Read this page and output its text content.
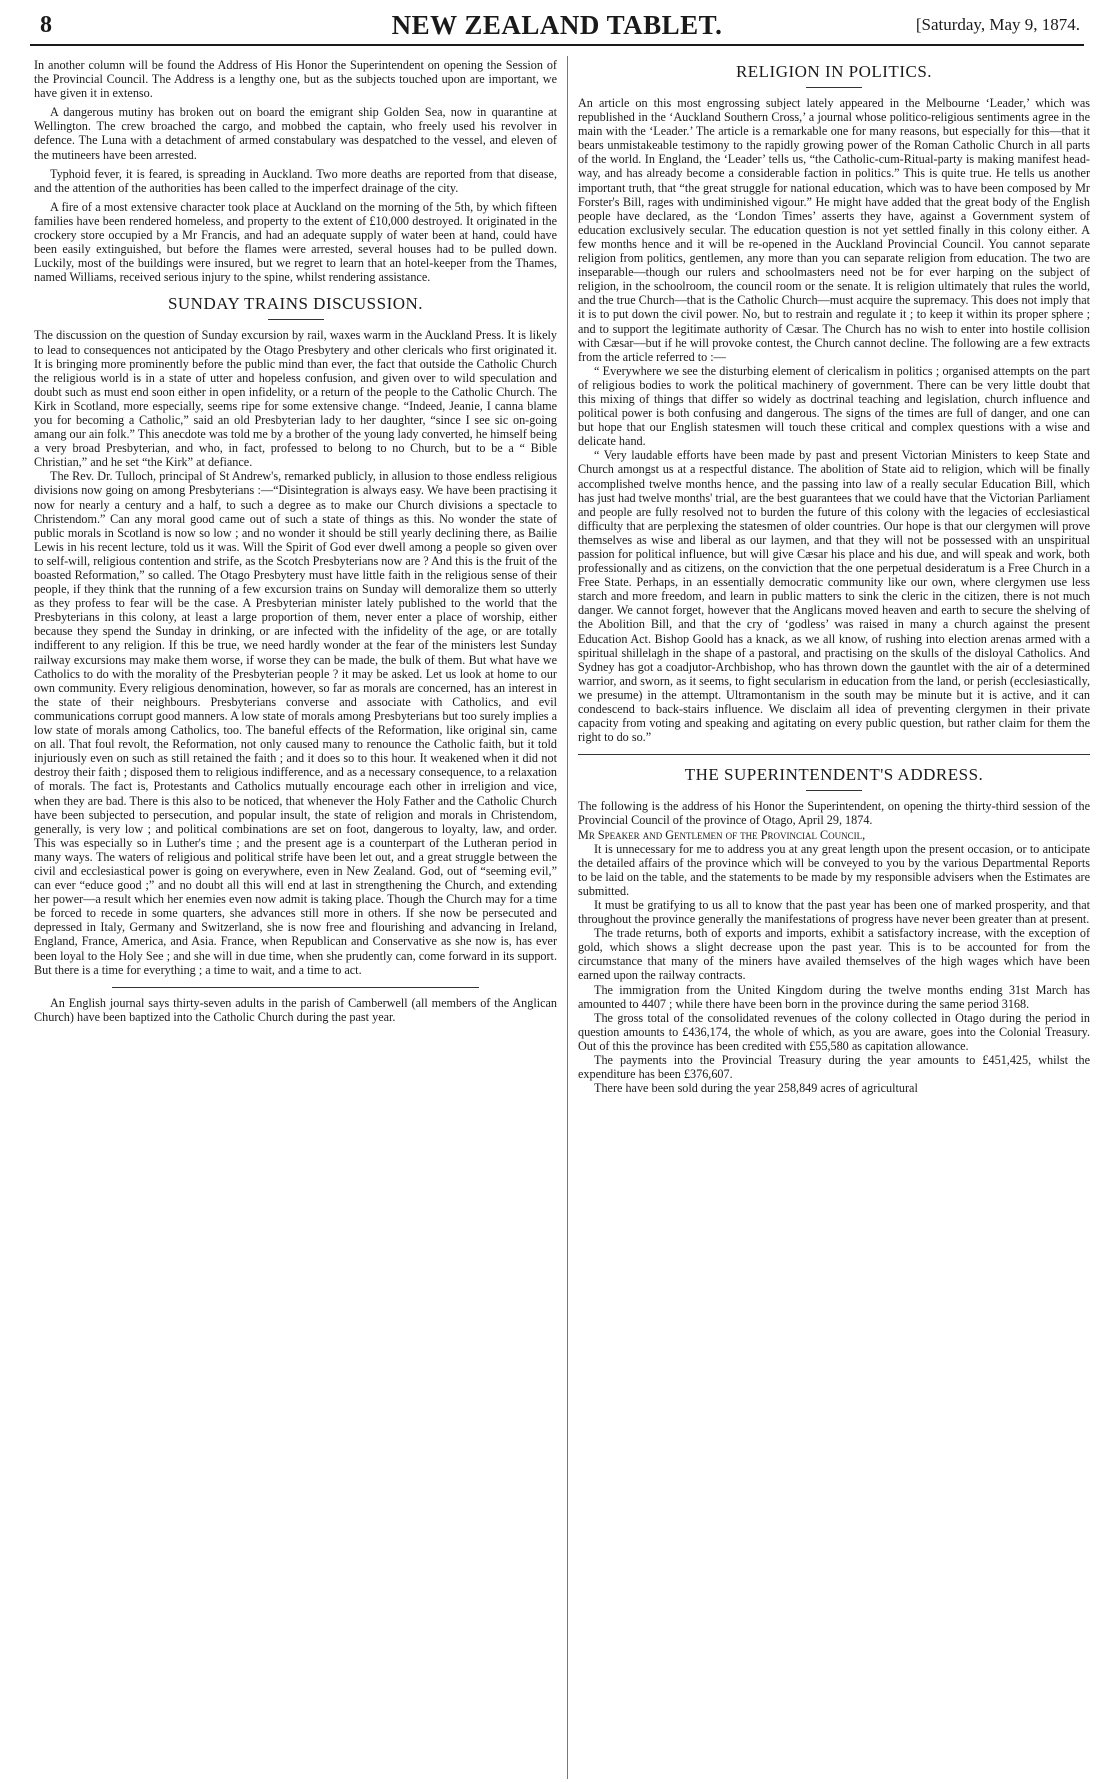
8	NEW ZEALAND TABLET.	[Saturday, May 9, 1874.

In another column will be found the Address of His Honor the Superintendent on opening the Session of the Provincial Council. The Address is a lengthy one, but as the subjects touched upon are important, we have given it in extenso.

A dangerous mutiny has broken out on board the emigrant ship Golden Sea, now in quarantine at Wellington. The crew broached the cargo, and mobbed the captain, who freely used his revolver in defence. The Luna with a detachment of armed constabulary was despatched to the vessel, and eleven of the mutineers have been arrested.

Typhoid fever, it is feared, is spreading in Auckland. Two more deaths are reported from that disease, and the attention of the authorities has been called to the imperfect drainage of the city.

A fire of a most extensive character took place at Auckland on the morning of the 5th, by which fifteen families have been rendered homeless, and property to the extent of £10,000 destroyed. It originated in the crockery store occupied by a Mr Francis, and had an adequate supply of water been at hand, could have been easily extinguished, but before the flames were arrested, several houses had to be pulled down. Luckily, most of the buildings were insured, but we regret to learn that an hotel-keeper from the Thames, named Williams, received serious injury to the spine, whilst rendering assistance.

SUNDAY TRAINS DISCUSSION.

The discussion on the question of Sunday excursion by rail, waxes warm in the Auckland Press. It is likely to lead to consequences not anticipated by the Otago Presbytery and other clericals who first originated it. It is bringing more prominently before the public mind than ever, the fact that outside the Catholic Church the religious world is in a state of utter and hopeless confusion, and given over to wild speculation and doubt such as must end soon either in open infidelity, or a return of the people to the Catholic Church. The Kirk in Scotland, more especially, seems ripe for some extensive change. “Indeed, Jeanie, I canna blame you for becoming a Catholic,” said an old Presbyterian lady to her daughter, “since I see sic on-going amang our ain folk.” This anecdote was told me by a brother of the young lady converted, he himself being a very broad Presbyterian, and who, in fact, professed to belong to no Church, but to be a “ Bible Christian,” and he set “the Kirk” at defiance.

The Rev. Dr. Tulloch, principal of St Andrew's, remarked publicly, in allusion to those endless religious divisions now going on among Presbyterians :—“Disintegration is always easy. We have been practising it now for nearly a century and a half, to such a degree as to make our Church divisions a spectacle to Christendom.” Can any moral good came out of such a state of things as this. No wonder the state of public morals in Scotland is now so low ; and no wonder it should be still yearly declining there, as Bailie Lewis in his recent lecture, told us it was. Will the Spirit of God ever dwell among a people so given over to self-will, religious contention and strife, as the Scotch Presbyterians now are ? And this is the fruit of the boasted Reformation,” so called. The Otago Presbytery must have little faith in the religious sense of their people, if they think that the running of a few excursion trains on Sunday will demoralize them so utterly as they profess to fear will be the case. A Presbyterian minister lately published to the world that the Presbyterians in this colony, at least a large proportion of them, never enter a place of worship, either because they spend the Sunday in drinking, or are infected with the infidelity of the age, or are totally indifferent to any religion. If this be true, we need hardly wonder at the fear of the ministers lest Sunday railway excursions may make them worse, if worse they can be made, the bulk of them. But what have we Catholics to do with the morality of the Presbyterian people ? it may be asked. Let us look at home to our own community. Every religious denomination, however, so far as morals are concerned, has an interest in the state of their neighbours. Presbyterians converse and associate with Catholics, and evil communications corrupt good manners. A low state of morals among Presbyterians but too surely implies a low state of morals among Catholics, too. The baneful effects of the Reformation, like original sin, came on all. That foul revolt, the Reformation, not only caused many to renounce the Catholic faith, but it told injuriously even on such as still retained the faith ; and it does so to this hour. It weakened when it did not destroy their faith ; disposed them to religious indifference, and as a necessary consequence, to a relaxation of morals. The fact is, Protestants and Catholics mutually encourage each other in irreligion and vice, when they are bad. There is this also to be noticed, that whenever the Holy Father and the Catholic Church have been subjected to persecution, and popular insult, the state of religion and morals in Christendom, generally, is very low ; and political combinations are set on foot, dangerous to loyalty, law, and order. This was especially so in Luther's time ; and the present age is a counterpart of the Lutheran period in many ways. The waters of religious and political strife have been let out, and a great struggle between the civil and ecclesiastical power is going on everywhere, even in New Zealand. God, out of “seeming evil,” can ever “educe good ;” and no doubt all this will end at last in strengthening the Church, and extending her power—a result which her enemies even now admit is taking place. Though the Church may for a time be forced to recede in some quarters, she advances still more in others. If she now be persecuted and depressed in Italy, Germany and Switzerland, she is now free and flourishing and advancing in Ireland, England, France, America, and Asia. France, when Republican and Conservative as she now is, has ever been loyal to the Holy See ; and she will in due time, when she prudently can, come forward in its support. But there is a time for everything ; a time to wait, and a time to act.

An English journal says thirty-seven adults in the parish of Camberwell (all members of the Anglican Church) have been baptized into the Catholic Church during the past year.

RELIGION IN POLITICS.

An article on this most engrossing subject lately appeared in the Melbourne ‘Leader,’ which was republished in the ‘Auckland Southern Cross,’ a journal whose politico-religious sentiments agree in the main with the ‘Leader.’ The article is a remarkable one for many reasons, but especially for this—that it bears unmistakeable testimony to the rapidly growing power of the Roman Catholic Church in all parts of the world. In England, the ‘Leader’ tells us, “the Catholic-cum-Ritual-party is making manifest head-way, and has already become a considerable faction in politics.” This is quite true. He tells us another important truth, that “the great struggle for national education, which was to have been composed by Mr Forster's Bill, rages with undiminished vigour.” He might have added that the great body of the English people have declared, as the ‘London Times’ asserts they have, against a Government system of education exclusively secular. The education question is not yet settled finally in this colony either. A few months hence and it will be re-opened in the Auckland Provincial Council. You cannot separate religion from politics, gentlemen, any more than you can separate religion from education. The two are inseparable—though our rulers and schoolmasters need not be for ever harping on the subject of religion, in the schoolroom, the council room or the senate. It is religion ultimately that rules the world, and the true Church—that is the Catholic Church—must acquire the supremacy. This does not imply that it is to put down the civil power. No, but to restrain and regulate it ; to keep it within its proper sphere ; and to support the legitimate authority of Cæsar. The Church has no wish to enter into hostile collision with Cæsar—but if he will provoke contest, the Church cannot decline. The following are a few extracts from the article referred to :—

“ Everywhere we see the disturbing element of clericalism in politics ; organised attempts on the part of religious bodies to work the political machinery of government. There can be very little doubt that this mixing of things that differ so widely as doctrinal teaching and legislation, church influence and political power is both confusing and dangerous. The signs of the times are full of danger, and one can but hope that our English statesmen will touch these critical and complex questions with a wise and delicate hand.

“ Very laudable efforts have been made by past and present Victorian Ministers to keep State and Church amongst us at a respectful distance. The abolition of State aid to religion, which will be finally accomplished twelve months hence, and the passing into law of a really secular Education Bill, which has just had twelve months' trial, are the best guarantees that we could have that the Victorian Parliament and people are fully resolved not to burden the future of this colony with the legacies of ecclesiastical difficulty that are perplexing the statesmen of older countries. Our hope is that our clergymen will prove themselves as wise and liberal as our laymen, and that they will not be possessed with an unspiritual passion for political influence, but will give Cæsar his place and his due, and will speak and work, both professionally and as citizens, on the conviction that the one perpetual desideratum is a Free Church in a Free State. Perhaps, in an essentially democratic community like our own, where clergymen use less starch and more freedom, and learn in public matters to sink the cleric in the citizen, there is not much danger. We cannot forget, however that the Anglicans moved heaven and earth to secure the shelving of the Abolition Bill, and that the cry of ‘godless’ was raised in many a church against the present Education Act. Bishop Goold has a knack, as we all know, of rushing into election arenas armed with a spiritual shillelagh in the shape of a pastoral, and practising on the skulls of the disloyal Catholics. And Sydney has got a coadjutor-Archbishop, who has thrown down the gauntlet with the air of a determined warrior, and sworn, as it seems, to fight secularism in education from the land, or perish (ecclesiastically, we presume) in the attempt. Ultramontanism in the south may be minute but it is active, and it can condescend to back-stairs influence. We disclaim all idea of preventing clergymen in their private capacity from voting and speaking and agitating on every public question, but rather claim for them the right to do so.”

THE SUPERINTENDENT'S ADDRESS.

The following is the address of his Honor the Superintendent, on opening the thirty-third session of the Provincial Council of the province of Otago, April 29, 1874.

Mr Speaker and Gentlemen of the Provincial Council,

It is unnecessary for me to address you at any great length upon the present occasion, or to anticipate the detailed affairs of the province which will be conveyed to you by the various Departmental Reports to be laid on the table, and the statements to be made by my responsible advisers when the Estimates are submitted.

It must be gratifying to us all to know that the past year has been one of marked prosperity, and that throughout the province generally the manifestations of progress have never been greater than at present.

The trade returns, both of exports and imports, exhibit a satisfactory increase, with the exception of gold, which shows a slight decrease upon the past year. This is to be accounted for from the circumstance that many of the miners have availed themselves of the high wages which have been earned upon the railway contracts.

The immigration from the United Kingdom during the twelve months ending 31st March has amounted to 4407 ; while there have been born in the province during the same period 3168.

The gross total of the consolidated revenues of the colony collected in Otago during the period in question amounts to £436,174, the whole of which, as you are aware, goes into the Colonial Treasury. Out of this the province has been credited with £55,580 as capitation allowance.

The payments into the Provincial Treasury during the year amounts to £451,425, whilst the expenditure has been £376,607.

There have been sold during the year 258,849 acres of agricultural
